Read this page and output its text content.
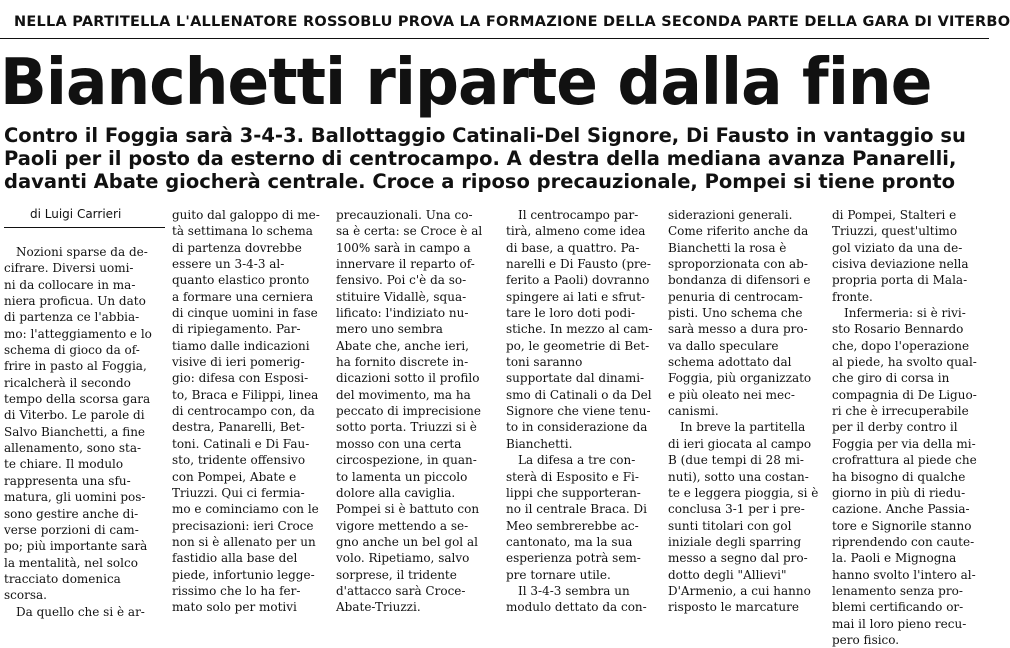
NELLA PARTITELLA L'ALLENATORE ROSSOBLU PROVA LA FORMAZIONE DELLA SECONDA PARTE DELLA GARA DI VITERBO
Bianchetti riparte dalla fine
Contro il Foggia sarà 3-4-3. Ballottaggio Catinali-Del Signore, Di Fausto in vantaggio su
Paoli per il posto da esterno di centrocampo. A destra della mediana avanza Panarelli,
davanti Abate giocherà centrale. Croce a riposo precauzionale, Pompei si tiene pronto
di Luigi Carrieri
Nozioni sparse da de-
cifrare. Diversi uomi-
ni da collocare in ma-
niera proficua. Un dato
di partenza ce l'abbia-
mo: l'atteggiamento e lo
schema di gioco da of-
frire in pasto al Foggia,
ricalcherà il secondo
tempo della scorsa gara
di Viterbo. Le parole di
Salvo Bianchetti, a fine
allenamento, sono sta-
te chiare. Il modulo
rappresenta una sfu-
matura, gli uomini pos-
sono gestire anche di-
verse porzioni di cam-
po; più importante sarà
la mentalità, nel solco
tracciato domenica
scorsa.
Da quello che si è ar-
guito dal galoppo di me-
tà settimana lo schema
di partenza dovrebbe
essere un 3-4-3 al-
quanto elastico pronto
a formare una cerniera
di cinque uomini in fase
di ripiegamento. Par-
tiamo dalle indicazioni
visive di ieri pomerig-
gio: difesa con Esposi-
to, Braca e Filippi, linea
di centrocampo con, da
destra, Panarelli, Bet-
toni. Catinali e Di Fau-
sto, tridente offensivo
con Pompei, Abate e
Triuzzi. Qui ci fermia-
mo e cominciamo con le
precisazioni: ieri Croce
non si è allenato per un
fastidio alla base del
piede, infortunio legge-
rissimo che lo ha fer-
mato solo per motivi
precauzionali. Una co-
sa è certa: se Croce è al
100% sarà in campo a
innervare il reparto of-
fensivo. Poi c'è da so-
stituire Vidallè, squa-
lificato: l'indiziato nu-
mero uno sembra
Abate che, anche ieri,
ha fornito discrete in-
dicazioni sotto il profilo
del movimento, ma ha
peccato di imprecisione
sotto porta. Triuzzi si è
mosso con una certa
circospezione, in quan-
to lamenta un piccolo
dolore alla caviglia.
Pompei si è battuto con
vigore mettendo a se-
gno anche un bel gol al
volo. Ripetiamo, salvo
sorprese, il tridente
d'attacco sarà Croce-
Abate-Triuzzi.
Il centrocampo par-
tirà, almeno come idea
di base, a quattro. Pa-
narelli e Di Fausto (pre-
ferito a Paoli) dovranno
spingere ai lati e sfrut-
tare le loro doti podi-
stiche. In mezzo al cam-
po, le geometrie di Bet-
toni saranno
supportate dal dinami-
smo di Catinali o da Del
Signore che viene tenu-
to in considerazione da
Bianchetti.
La difesa a tre con-
sterà di Esposito e Fi-
lippi che supporteran-
no il centrale Braca. Di
Meo sembrerebbe ac-
cantonato, ma la sua
esperienza potrà sem-
pre tornare utile.
Il 3-4-3 sembra un
modulo dettato da con-
siderazioni generali.
Come riferito anche da
Bianchetti la rosa è
sproporzionata con ab-
bondanza di difensori e
penuria di centrocam-
pisti. Uno schema che
sarà messo a dura pro-
va dallo speculare
schema adottato dal
Foggia, più organizzato
e più oleato nei mec-
canismi.
In breve la partitella
di ieri giocata al campo
B (due tempi di 28 mi-
nuti), sotto una costan-
te e leggera pioggia, si è
conclusa 3-1 per i pre-
sunti titolari con gol
iniziale degli sparring
messo a segno dal pro-
dotto degli "Allievi"
D'Armenio, a cui hanno
risposto le marcature
di Pompei, Stalteri e
Triuzzi, quest'ultimo
gol viziato da una de-
cisiva deviazione nella
propria porta di Mala-
fronte.
Infermeria: si è rivi-
sto Rosario Bennardo
che, dopo l'operazione
al piede, ha svolto qual-
che giro di corsa in
compagnia di De Liguo-
ri che è irrecuperabile
per il derby contro il
Foggia per via della mi-
crofrattura al piede che
ha bisogno di qualche
giorno in più di riedu-
cazione. Anche Passia-
tore e Signorile stanno
riprendendo con caute-
la. Paoli e Mignogna
hanno svolto l'intero al-
lenamento senza pro-
blemi certificando or-
mai il loro pieno recu-
pero fisico.
